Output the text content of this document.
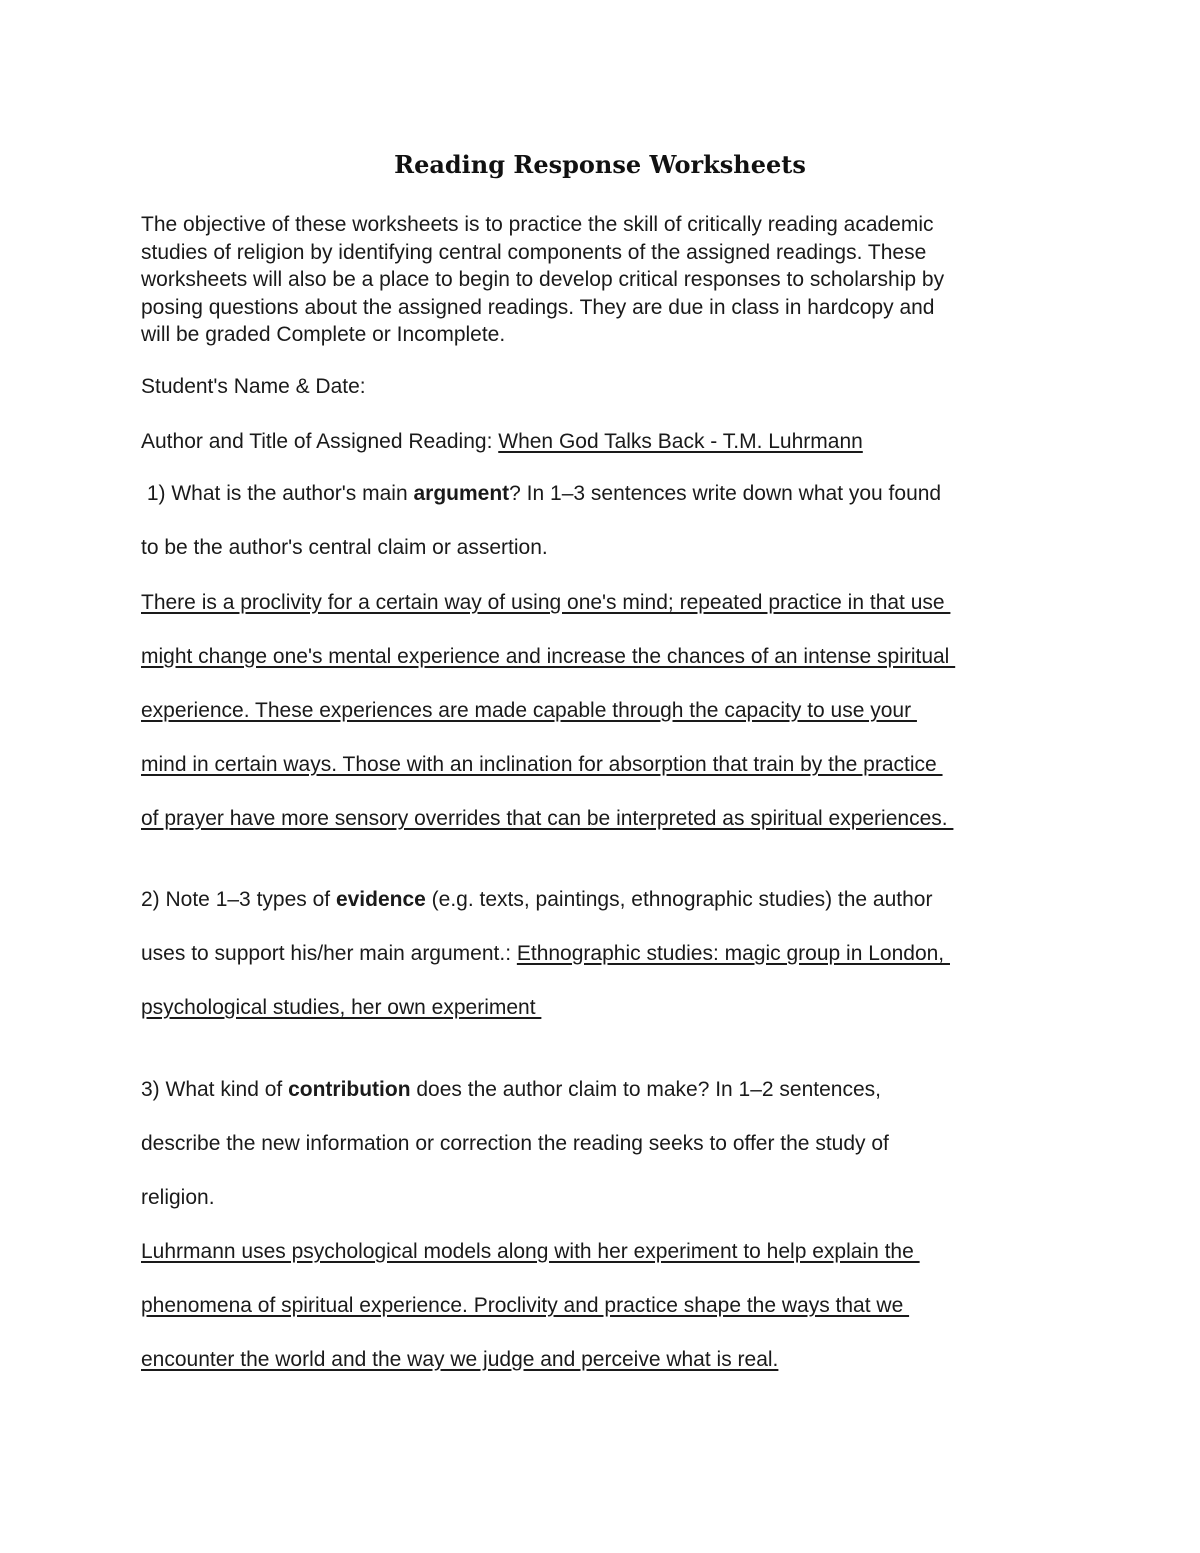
Reading Response Worksheets
The objective of these worksheets is to practice the skill of critically reading academic
studies of religion by identifying central components of the assigned readings. These
worksheets will also be a place to begin to develop critical responses to scholarship by
posing questions about the assigned readings. They are due in class in hardcopy and
will be graded Complete or Incomplete.
Student's Name & Date:
Author and Title of Assigned Reading: When God Talks Back - T.M. Luhrmann
1) What is the author's main argument? In 1–3 sentences write down what you found
to be the author's central claim or assertion.
There is a proclivity for a certain way of using one's mind; repeated practice in that use
might change one's mental experience and increase the chances of an intense spiritual
experience. These experiences are made capable through the capacity to use your
mind in certain ways. Those with an inclination for absorption that train by the practice
of prayer have more sensory overrides that can be interpreted as spiritual experiences.
2) Note 1–3 types of evidence (e.g. texts, paintings, ethnographic studies) the author
uses to support his/her main argument.: Ethnographic studies: magic group in London,
psychological studies, her own experiment
3) What kind of contribution does the author claim to make? In 1–2 sentences,
describe the new information or correction the reading seeks to offer the study of
religion.
Luhrmann uses psychological models along with her experiment to help explain the
phenomena of spiritual experience. Proclivity and practice shape the ways that we
encounter the world and the way we judge and perceive what is real.
